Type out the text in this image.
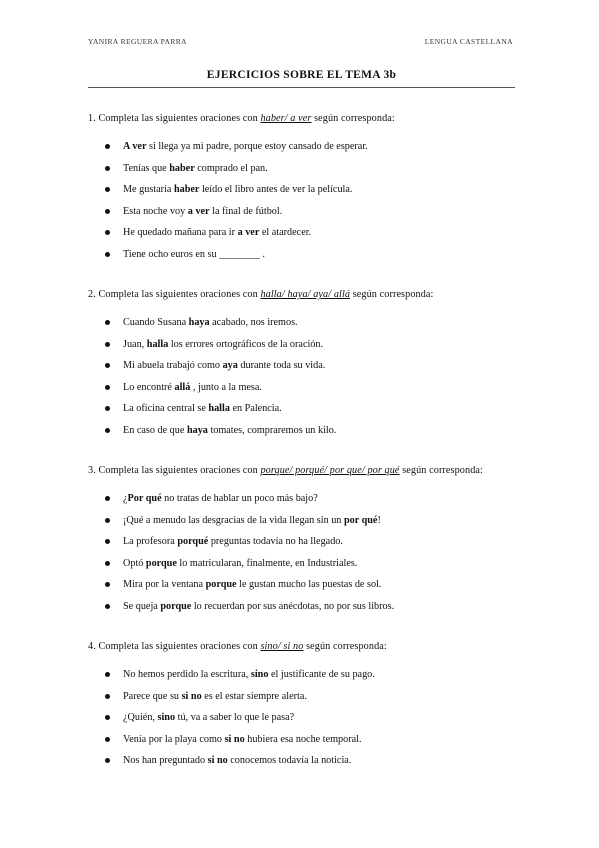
YANIRA REGUERA PARRA	LENGUA CASTELLANA
EJERCICIOS SOBRE EL TEMA 3b
1. Completa las siguientes oraciones con haber/ a ver según corresponda:
A ver si llega ya mi padre, porque estoy cansado de esperar.
Tenías que haber comprado el pan.
Me gustaría haber leído el libro antes de ver la película.
Esta noche voy a ver la final de fútbol.
He quedado mañana para ir a ver el atardecer.
Tiene ocho euros en su ________ .
2. Completa las siguientes oraciones con halla/ haya/ aya/ allá según corresponda:
Cuando Susana haya acabado, nos iremos.
Juan, halla los errores ortográficos de la oración.
Mi abuela trabajó como aya durante toda su vida.
Lo encontré allá , junto a la mesa.
La oficina central se halla en Palencia.
En caso de que haya tomates, compraremos un kilo.
3. Completa las siguientes oraciones con porque/ porqué/ por que/ por qué según corresponda:
¿Por qué no tratas de hablar un poco más bajo?
¡Qué a menudo las desgracias de la vida llegan sin un por qué!
La profesora porqué preguntas todavía no ha llegado.
Optó porque lo matricularan, finalmente, en Industriales.
Mira por la ventana porque le gustan mucho las puestas de sol.
Se queja porque lo recuerdan por sus anécdotas, no por sus libros.
4. Completa las siguientes oraciones con sino/ si no según corresponda:
No hemos perdido la escritura, sino el justificante de su pago.
Parece que su si no es el estar siempre alerta.
¿Quién, sino tú, va a saber lo que le pasa?
Venía por la playa como si no hubiera esa noche temporal.
Nos han preguntado si no conocemos todavía la noticia.
